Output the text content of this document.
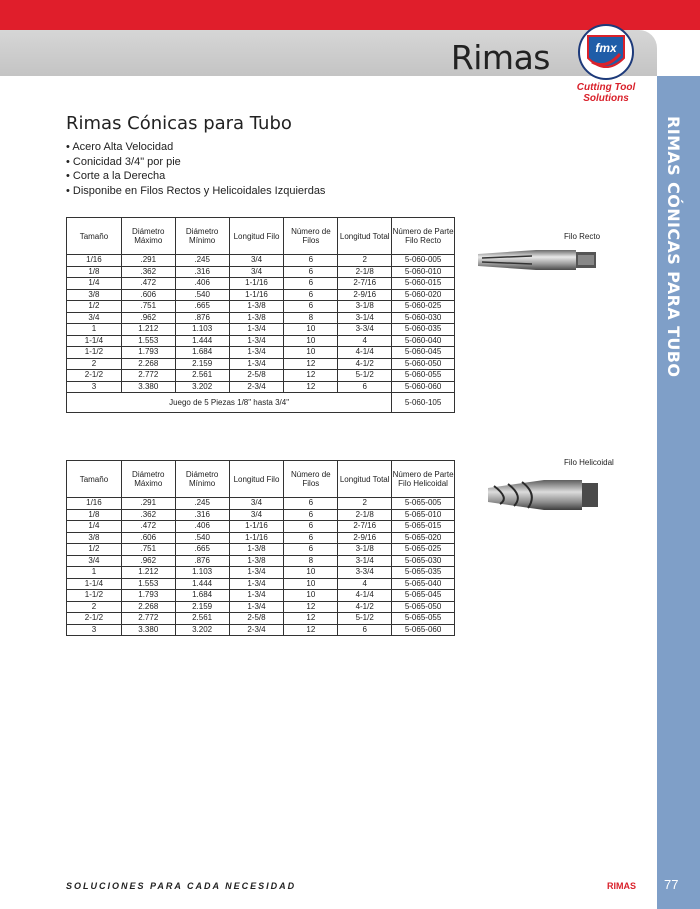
Rimas
RIMAS CÓNICAS PARA TUBO
fmx
Cutting Tool
Solutions
Rimas Cónicas para Tubo
• Acero Alta Velocidad
• Conicidad 3/4" por pie
• Corte a la Derecha
• Disponibe en Filos Rectos y Helicoidales Izquierdas
Tamaño	Diámetro Máximo	Diámetro Mínimo	Longitud Filo	Número de Filos	Longitud Total	Número de Parte Filo Recto
1/16	.291	.245	3/4	6	2	5-060-005
1/8	.362	.316	3/4	6	2-1/8	5-060-010
1/4	.472	.406	1-1/16	6	2-7/16	5-060-015
3/8	.606	.540	1-1/16	6	2-9/16	5-060-020
1/2	.751	.665	1-3/8	6	3-1/8	5-060-025
3/4	.962	.876	1-3/8	8	3-1/4	5-060-030
1	1.212	1.103	1-3/4	10	3-3/4	5-060-035
1-1/4	1.553	1.444	1-3/4	10	4	5-060-040
1-1/2	1.793	1.684	1-3/4	10	4-1/4	5-060-045
2	2.268	2.159	1-3/4	12	4-1/2	5-060-050
2-1/2	2.772	2.561	2-5/8	12	5-1/2	5-060-055
3	3.380	3.202	2-3/4	12	6	5-060-060
Juego de 5 Piezas 1/8" hasta 3/4"						5-060-105
Tamaño	Diámetro Máximo	Diámetro Mínimo	Longitud Filo	Número de Filos	Longitud Total	Número de Parte Filo Helicoidal
1/16	.291	.245	3/4	6	2	5-065-005
1/8	.362	.316	3/4	6	2-1/8	5-065-010
1/4	.472	.406	1-1/16	6	2-7/16	5-065-015
3/8	.606	.540	1-1/16	6	2-9/16	5-065-020
1/2	.751	.665	1-3/8	6	3-1/8	5-065-025
3/4	.962	.876	1-3/8	8	3-1/4	5-065-030
1	1.212	1.103	1-3/4	10	3-3/4	5-065-035
1-1/4	1.553	1.444	1-3/4	10	4	5-065-040
1-1/2	1.793	1.684	1-3/4	10	4-1/4	5-065-045
2	2.268	2.159	1-3/4	12	4-1/2	5-065-050
2-1/2	2.772	2.561	2-5/8	12	5-1/2	5-065-055
3	3.380	3.202	2-3/4	12	6	5-065-060
Filo Recto
Filo Helicoidal
SOLUCIONES PARA CADA NECESIDAD	RIMAS 77
